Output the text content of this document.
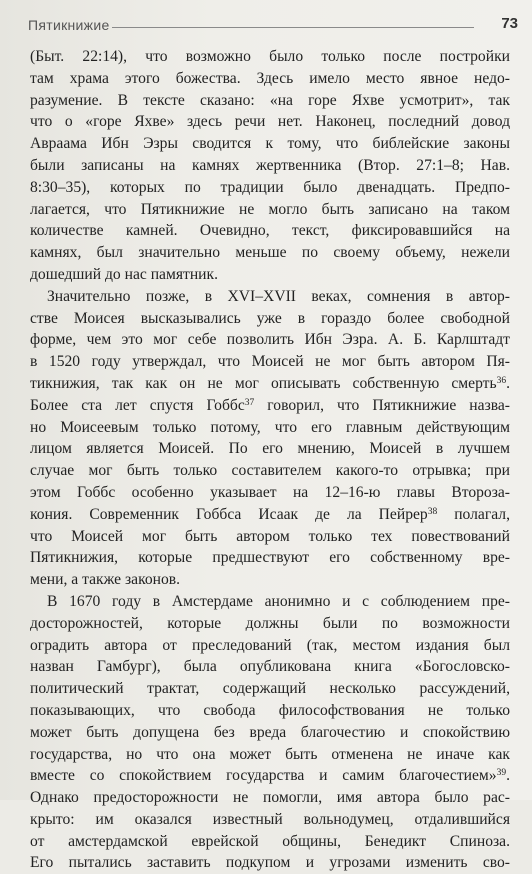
Пятикнижие	73
(Быт. 22:14), что возможно было только после постройки
там храма этого божества. Здесь имело место явное недо-
разумение. В тексте сказано: «на горе Яхве усмотрит», так
что о «горе Яхве» здесь речи нет. Наконец, последний довод
Авраама Ибн Эзры сводится к тому, что библейские законы
были записаны на камнях жертвенника (Втор. 27:1–8; Нав.
8:30–35), которых по традиции было двенадцать. Предпо-
лагается, что Пятикнижие не могло быть записано на таком
количестве камней. Очевидно, текст, фиксировавшийся на
камнях, был значительно меньше по своему объему, нежели
дошедший до нас памятник.
Значительно позже, в XVI–XVII веках, сомнения в автор-
стве Моисея высказывались уже в гораздо более свободной
форме, чем это мог себе позволить Ибн Эзра. А. Б. Карлштадт
в 1520 году утверждал, что Моисей не мог быть автором Пя-
тикнижия, так как он не мог описывать собственную смерть$^{36}$.
Более ста лет спустя Гоббс$^{37}$ говорил, что Пятикнижие назва-
но Моисеевым только потому, что его главным действующим
лицом является Моисей. По его мнению, Моисей в лучшем
случае мог быть только составителем какого-то отрывка; при
этом Гоббс особенно указывает на 12–16-ю главы Второза-
кония. Современник Гоббса Исаак де ла Пейрер$^{38}$ полагал,
что Моисей мог быть автором только тех повествований
Пятикнижия, которые предшествуют его собственному вре-
мени, а также законов.
В 1670 году в Амстердаме анонимно и с соблюдением пре-
досторожностей, которые должны были по возможности
оградить автора от преследований (так, местом издания был
назван Гамбург), была опубликована книга «Богословско-
политический трактат, содержащий несколько рассуждений,
показывающих, что свобода философствования не только
может быть допущена без вреда благочестию и спокойствию
государства, но что она может быть отменена не иначе как
вместе со спокойствием государства и самим благочестием»$^{39}$.
Однако предосторожности не помогли, имя автора было рас-
крыто: им оказался известный вольнодумец, отдалившийся
от амстердамской еврейской общины, Бенедикт Спиноза.
Его пытались заставить подкупом и угрозами изменить сво-
